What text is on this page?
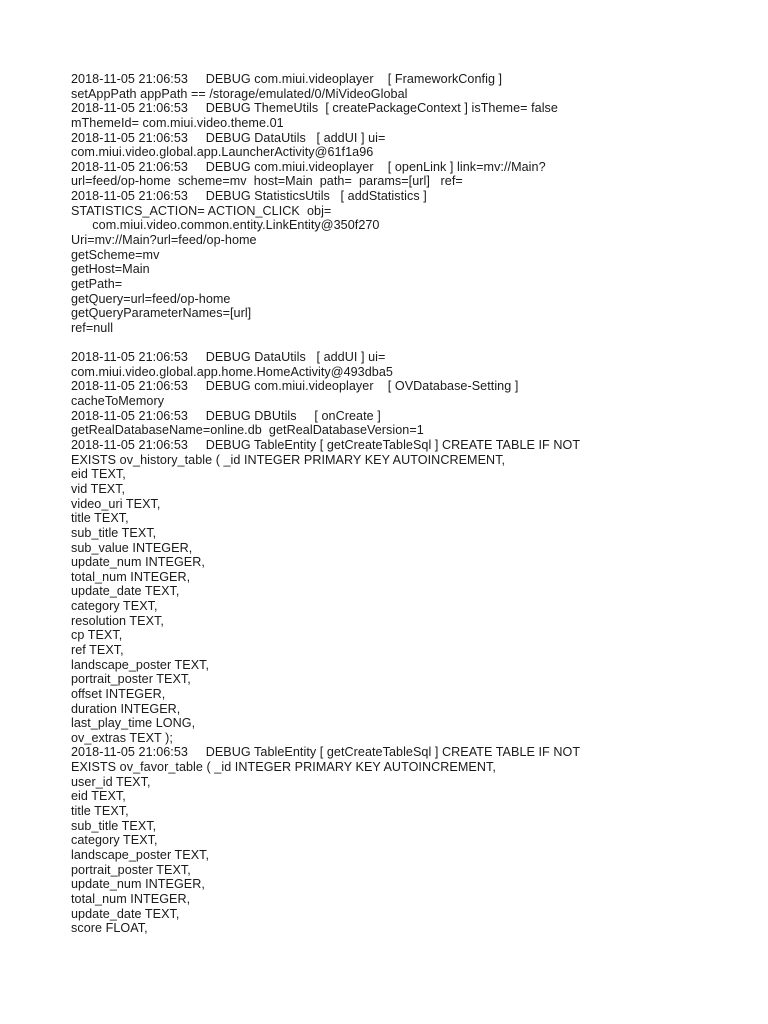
2018-11-05 21:06:53     DEBUG com.miui.videoplayer    [ FrameworkConfig ]
setAppPath appPath == /storage/emulated/0/MiVideoGlobal
2018-11-05 21:06:53     DEBUG ThemeUtils  [ createPackageContext ] isTheme= false
mThemeId= com.miui.video.theme.01
2018-11-05 21:06:53     DEBUG DataUtils   [ addUI ] ui=
com.miui.video.global.app.LauncherActivity@61f1a96
2018-11-05 21:06:53     DEBUG com.miui.videoplayer    [ openLink ] link=mv://Main?
url=feed/op-home  scheme=mv  host=Main  path=  params=[url]   ref=
2018-11-05 21:06:53     DEBUG StatisticsUtils   [ addStatistics ]
STATISTICS_ACTION= ACTION_CLICK  obj=
com.miui.video.common.entity.LinkEntity@350f270
Uri=mv://Main?url=feed/op-home
getScheme=mv
getHost=Main
getPath=
getQuery=url=feed/op-home
getQueryParameterNames=[url]
ref=null
2018-11-05 21:06:53     DEBUG DataUtils   [ addUI ] ui=
com.miui.video.global.app.home.HomeActivity@493dba5
2018-11-05 21:06:53     DEBUG com.miui.videoplayer    [ OVDatabase-Setting ]
cacheToMemory
2018-11-05 21:06:53     DEBUG DBUtils     [ onCreate ]
getRealDatabaseName=online.db  getRealDatabaseVersion=1
2018-11-05 21:06:53     DEBUG TableEntity [ getCreateTableSql ] CREATE TABLE IF NOT
EXISTS ov_history_table ( _id INTEGER PRIMARY KEY AUTOINCREMENT,
eid TEXT,
vid TEXT,
video_uri TEXT,
title TEXT,
sub_title TEXT,
sub_value INTEGER,
update_num INTEGER,
total_num INTEGER,
update_date TEXT,
category TEXT,
resolution TEXT,
cp TEXT,
ref TEXT,
landscape_poster TEXT,
portrait_poster TEXT,
offset INTEGER,
duration INTEGER,
last_play_time LONG,
ov_extras TEXT );
2018-11-05 21:06:53     DEBUG TableEntity [ getCreateTableSql ] CREATE TABLE IF NOT
EXISTS ov_favor_table ( _id INTEGER PRIMARY KEY AUTOINCREMENT,
user_id TEXT,
eid TEXT,
title TEXT,
sub_title TEXT,
category TEXT,
landscape_poster TEXT,
portrait_poster TEXT,
update_num INTEGER,
total_num INTEGER,
update_date TEXT,
score FLOAT,
